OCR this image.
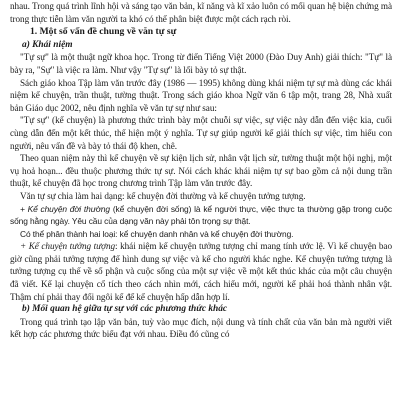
nhau. Trong quá trình lĩnh hội và sáng tạo văn bản, kĩ năng và kĩ xảo luôn có mối quan hệ biện chứng mà trong thực tiễn làm văn người ta khó có thể phân biệt được một cách rạch ròi.

1. Một số vấn đề chung về văn tự sự
a) Khái niệm

"Tự sự" là một thuật ngữ khoa học. Trong từ điển Tiếng Việt 2000 (Đào Duy Anh) giải thích: "Tự" là bày ra, "Sự" là việc ra làm. Như vậy "Tự sự" là lối bày tỏ sự thật.

Sách giáo khoa Tập làm văn trước đây (1986 — 1995) không dùng khái niệm tự sự mà dùng các khái niệm kể chuyện, trần thuật, tường thuật. Trong sách giáo khoa Ngữ văn 6 tập một, trang 28, Nhà xuất bản Giáo dục 2002, nêu định nghĩa về văn tự sự như sau:

"Tự sự" (kể chuyện) là phương thức trình bày một chuỗi sự việc, sự việc này dẫn đến việc kia, cuối cùng dẫn đến một kết thúc, thể hiện một ý nghĩa. Tự sự giúp người kể giải thích sự việc, tìm hiểu con người, nêu vấn đề và bày tỏ thái độ khen, chê.

Theo quan niệm này thì kể chuyện về sự kiện lịch sử, nhân vật lịch sử, tường thuật một hội nghị, một vụ hoả hoạn... đều thuộc phương thức tự sự. Nói cách khác khái niệm tự sự bao gồm cả nội dung trần thuật, kể chuyện đã học trong chương trình Tập làm văn trước đây.

Văn tự sự chia làm hai dạng: kể chuyện đời thường và kể chuyện tưởng tượng.

+ Kể chuyện đời thường (kể chuyện đời sống) là kể người thực, việc thực ta thường gặp trong cuộc sống hằng ngày. Yêu cầu của dạng văn này phải tôn trọng sự thật.

Có thể phân thành hai loại: kể chuyện danh nhân và kể chuyện đời thường.

+ Kể chuyện tưởng tượng: khái niệm kể chuyện tưởng tượng chỉ mang tính ước lệ. Vì kể chuyện bao giờ cũng phải tưởng tượng để hình dung sự việc và kể cho người khác nghe. Kể chuyện tưởng tượng là tưởng tượng cụ thể về số phận và cuộc sống của một sự việc về một kết thúc khác của một câu chuyện đã viết. Kể lại chuyện cổ tích theo cách nhìn mới, cách hiểu mới, người kể phải hoá thành nhân vật. Thậm chí phải thay đổi ngôi kể để kể chuyện hấp dẫn hợp lí.

b) Mối quan hệ giữa tự sự với các phương thức khác

Trong quá trình tạo lập văn bản, tuỳ vào mục đích, nội dung và tính chất của văn bản mà người viết kết hợp các phương thức biểu đạt với nhau. Điều đó cũng có
